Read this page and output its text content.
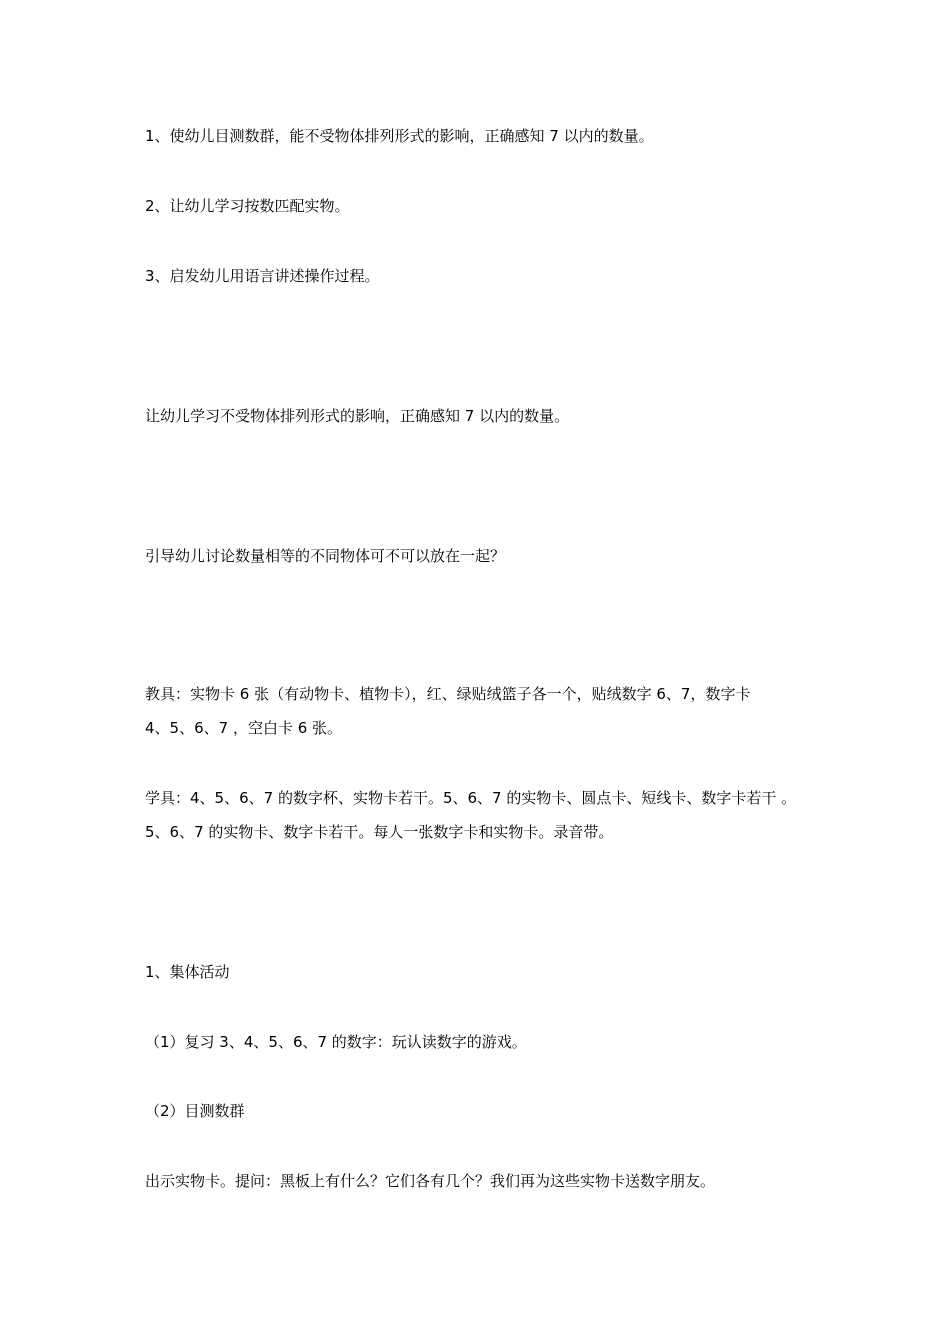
1、使幼儿目测数群，能不受物体排列形式的影响，正确感知 7 以内的数量。
2、让幼儿学习按数匹配实物。
3、启发幼儿用语言讲述操作过程。
让幼儿学习不受物体排列形式的影响，正确感知 7 以内的数量。
引导幼儿讨论数量相等的不同物体可不可以放在一起？
教具：实物卡 6 张（有动物卡、植物卡），红、绿贴绒篮子各一个，贴绒数字 6、7，数字卡
4、5、6、7 ，空白卡 6 张。
学具：4、5、6、7 的数字杯、实物卡若干。5、6、7 的实物卡、圆点卡、短线卡、数字卡若干 。
5、6、7 的实物卡、数字卡若干。每人一张数字卡和实物卡。录音带。
1、集体活动
（1）复习 3、4、5、6、7 的数字：玩认读数字的游戏。
（2）目测数群
出示实物卡。提问：黑板上有什么？它们各有几个？我们再为这些实物卡送数字朋友。
